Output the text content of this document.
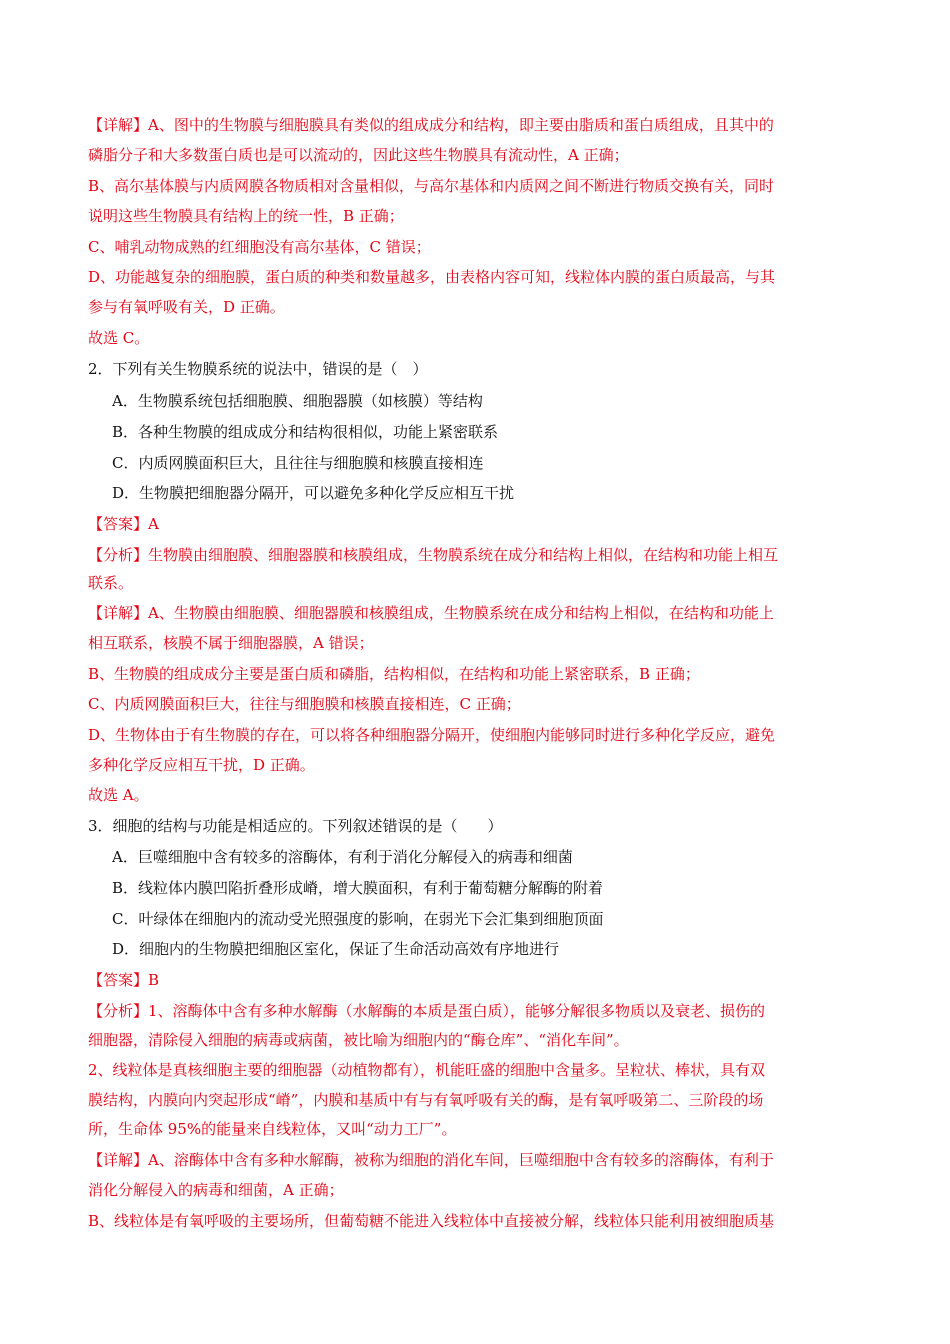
【详解】A、图中的生物膜与细胞膜具有类似的组成成分和结构，即主要由脂质和蛋白质组成，且其中的
磷脂分子和大多数蛋白质也是可以流动的，因此这些生物膜具有流动性，A 正确；
B、高尔基体膜与内质网膜各物质相对含量相似，与高尔基体和内质网之间不断进行物质交换有关，同时
说明这些生物膜具有结构上的统一性，B 正确；
C、哺乳动物成熟的红细胞没有高尔基体，C 错误；
D、功能越复杂的细胞膜，蛋白质的种类和数量越多，由表格内容可知，线粒体内膜的蛋白质最高，与其
参与有氧呼吸有关，D 正确。
故选 C。
2．下列有关生物膜系统的说法中，错误的是（　）
A．生物膜系统包括细胞膜、细胞器膜（如核膜）等结构
B．各种生物膜的组成成分和结构很相似，功能上紧密联系
C．内质网膜面积巨大，且往往与细胞膜和核膜直接相连
D．生物膜把细胞器分隔开，可以避免多种化学反应相互干扰
【答案】A
【分析】生物膜由细胞膜、细胞器膜和核膜组成，生物膜系统在成分和结构上相似，在结构和功能上相互
联系。
【详解】A、生物膜由细胞膜、细胞器膜和核膜组成，生物膜系统在成分和结构上相似，在结构和功能上
相互联系，核膜不属于细胞器膜，A 错误；
B、生物膜的组成成分主要是蛋白质和磷脂，结构相似，在结构和功能上紧密联系，B 正确；
C、内质网膜面积巨大，往往与细胞膜和核膜直接相连，C 正确；
D、生物体由于有生物膜的存在，可以将各种细胞器分隔开，使细胞内能够同时进行多种化学反应，避免
多种化学反应相互干扰，D 正确。
故选 A。
3．细胞的结构与功能是相适应的。下列叙述错误的是（　　）
A．巨噬细胞中含有较多的溶酶体，有利于消化分解侵入的病毒和细菌
B．线粒体内膜凹陷折叠形成嵴，增大膜面积，有利于葡萄糖分解酶的附着
C．叶绿体在细胞内的流动受光照强度的影响，在弱光下会汇集到细胞顶面
D．细胞内的生物膜把细胞区室化，保证了生命活动高效有序地进行
【答案】B
【分析】1、溶酶体中含有多种水解酶（水解酶的本质是蛋白质），能够分解很多物质以及衰老、损伤的
细胞器，清除侵入细胞的病毒或病菌，被比喻为细胞内的“酶仓库”、“消化车间”。
2、线粒体是真核细胞主要的细胞器（动植物都有），机能旺盛的细胞中含量多。呈粒状、棒状，具有双
膜结构，内膜向内突起形成“嵴”，内膜和基质中有与有氧呼吸有关的酶，是有氧呼吸第二、三阶段的场
所，生命体 95%的能量来自线粒体，又叫“动力工厂”。
【详解】A、溶酶体中含有多种水解酶，被称为细胞的消化车间，巨噬细胞中含有较多的溶酶体，有利于
消化分解侵入的病毒和细菌，A 正确；
B、线粒体是有氧呼吸的主要场所，但葡萄糖不能进入线粒体中直接被分解，线粒体只能利用被细胞质基
